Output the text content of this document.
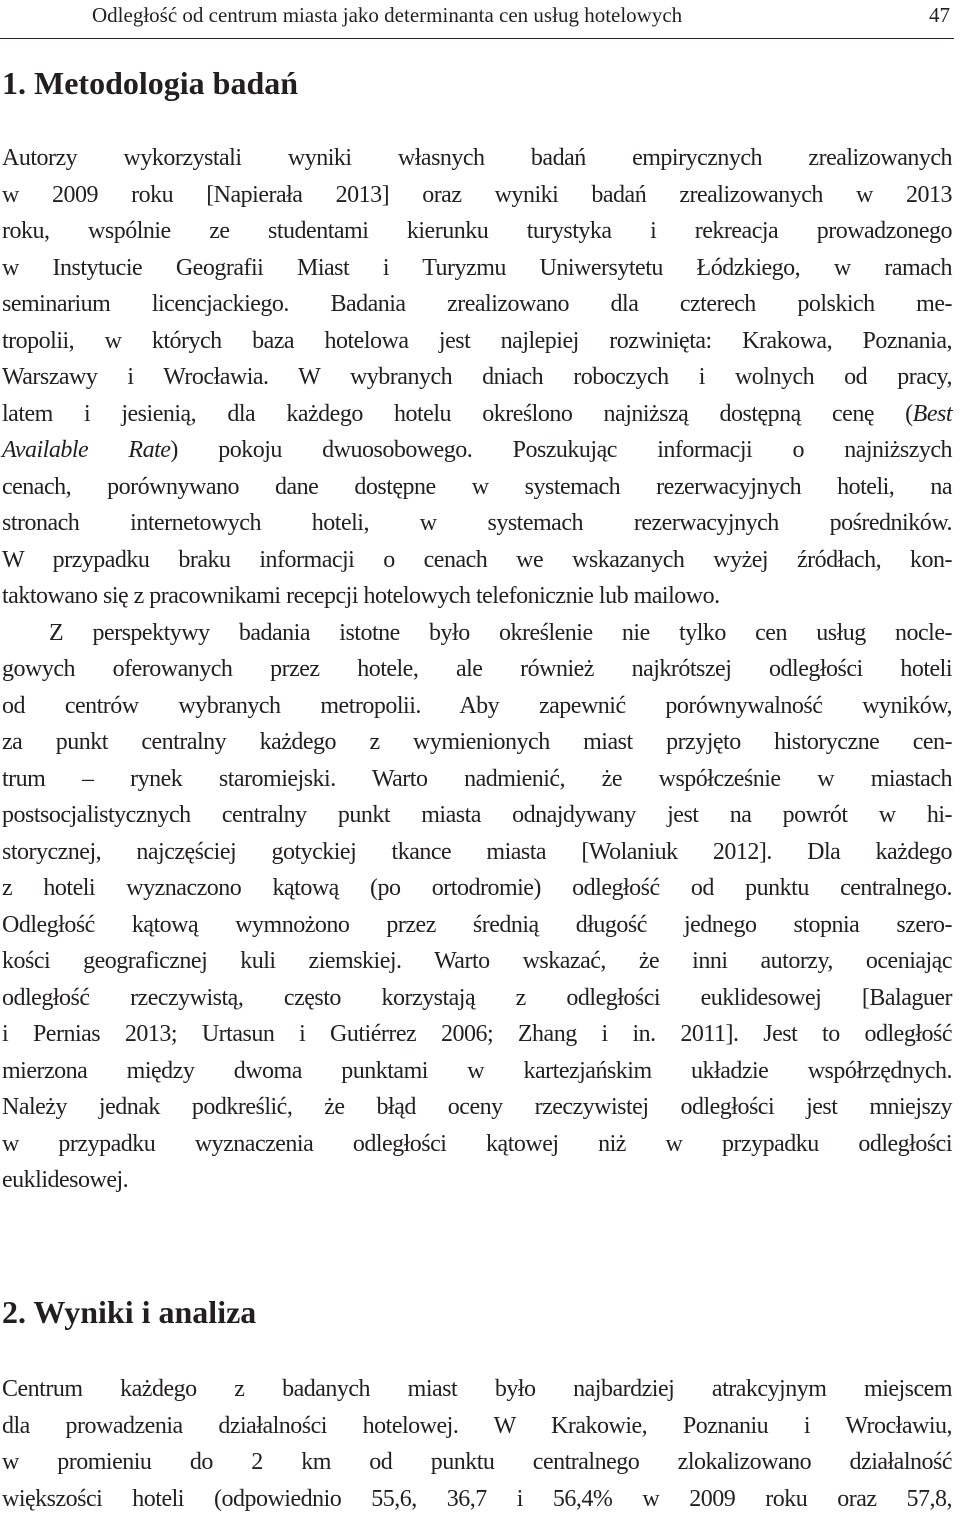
Odległość od centrum miasta jako determinanta cen usług hotelowych	47
1. Metodologia badań
Autorzy wykorzystali wyniki własnych badań empirycznych zrealizowanych
w 2009 roku [Napierała 2013] oraz wyniki badań zrealizowanych w 2013
roku, wspólnie ze studentami kierunku turystyka i rekreacja prowadzonego
w Instytucie Geografii Miast i Turyzmu Uniwersytetu Łódzkiego, w ramach
seminarium licencjackiego. Badania zrealizowano dla czterech polskich me-
tropolii, w których baza hotelowa jest najlepiej rozwinięta: Krakowa, Poznania,
Warszawy i Wrocławia. W wybranych dniach roboczych i wolnych od pracy,
latem i jesienią, dla każdego hotelu określono najniższą dostępną cenę (Best
Available Rate) pokoju dwuosobowego. Poszukując informacji o najniższych
cenach, porównywano dane dostępne w systemach rezerwacyjnych hoteli, na
stronach internetowych hoteli, w systemach rezerwacyjnych pośredników.
W przypadku braku informacji o cenach we wskazanych wyżej źródłach, kon-
taktowano się z pracownikami recepcji hotelowych telefonicznie lub mailowo.
Z perspektywy badania istotne było określenie nie tylko cen usług nocle-
gowych oferowanych przez hotele, ale również najkrótszej odległości hoteli
od centrów wybranych metropolii. Aby zapewnić porównywalność wyników,
za punkt centralny każdego z wymienionych miast przyjęto historyczne cen-
trum – rynek staromiejski. Warto nadmienić, że współcześnie w miastach
postsocjalistycznych centralny punkt miasta odnajdywany jest na powrót w hi-
storycznej, najczęściej gotyckiej tkance miasta [Wolaniuk 2012]. Dla każdego
z hoteli wyznaczono kątową (po ortodromie) odległość od punktu centralnego.
Odległość kątową wymnożono przez średnią długość jednego stopnia szero-
kości geograficznej kuli ziemskiej. Warto wskazać, że inni autorzy, oceniając
odległość rzeczywistą, często korzystają z odległości euklidesowej [Balaguer
i Pernias 2013; Urtasun i Gutiérrez 2006; Zhang i in. 2011]. Jest to odległość
mierzona między dwoma punktami w kartezjańskim układzie współrzędnych.
Należy jednak podkreślić, że błąd oceny rzeczywistej odległości jest mniejszy
w przypadku wyznaczenia odległości kątowej niż w przypadku odległości
euklidesowej.
2. Wyniki i analiza
Centrum każdego z badanych miast było najbardziej atrakcyjnym miejscem
dla prowadzenia działalności hotelowej. W Krakowie, Poznaniu i Wrocławiu,
w promieniu do 2 km od punktu centralnego zlokalizowano działalność
większości hoteli (odpowiednio 55,6, 36,7 i 56,4% w 2009 roku oraz 57,8,
